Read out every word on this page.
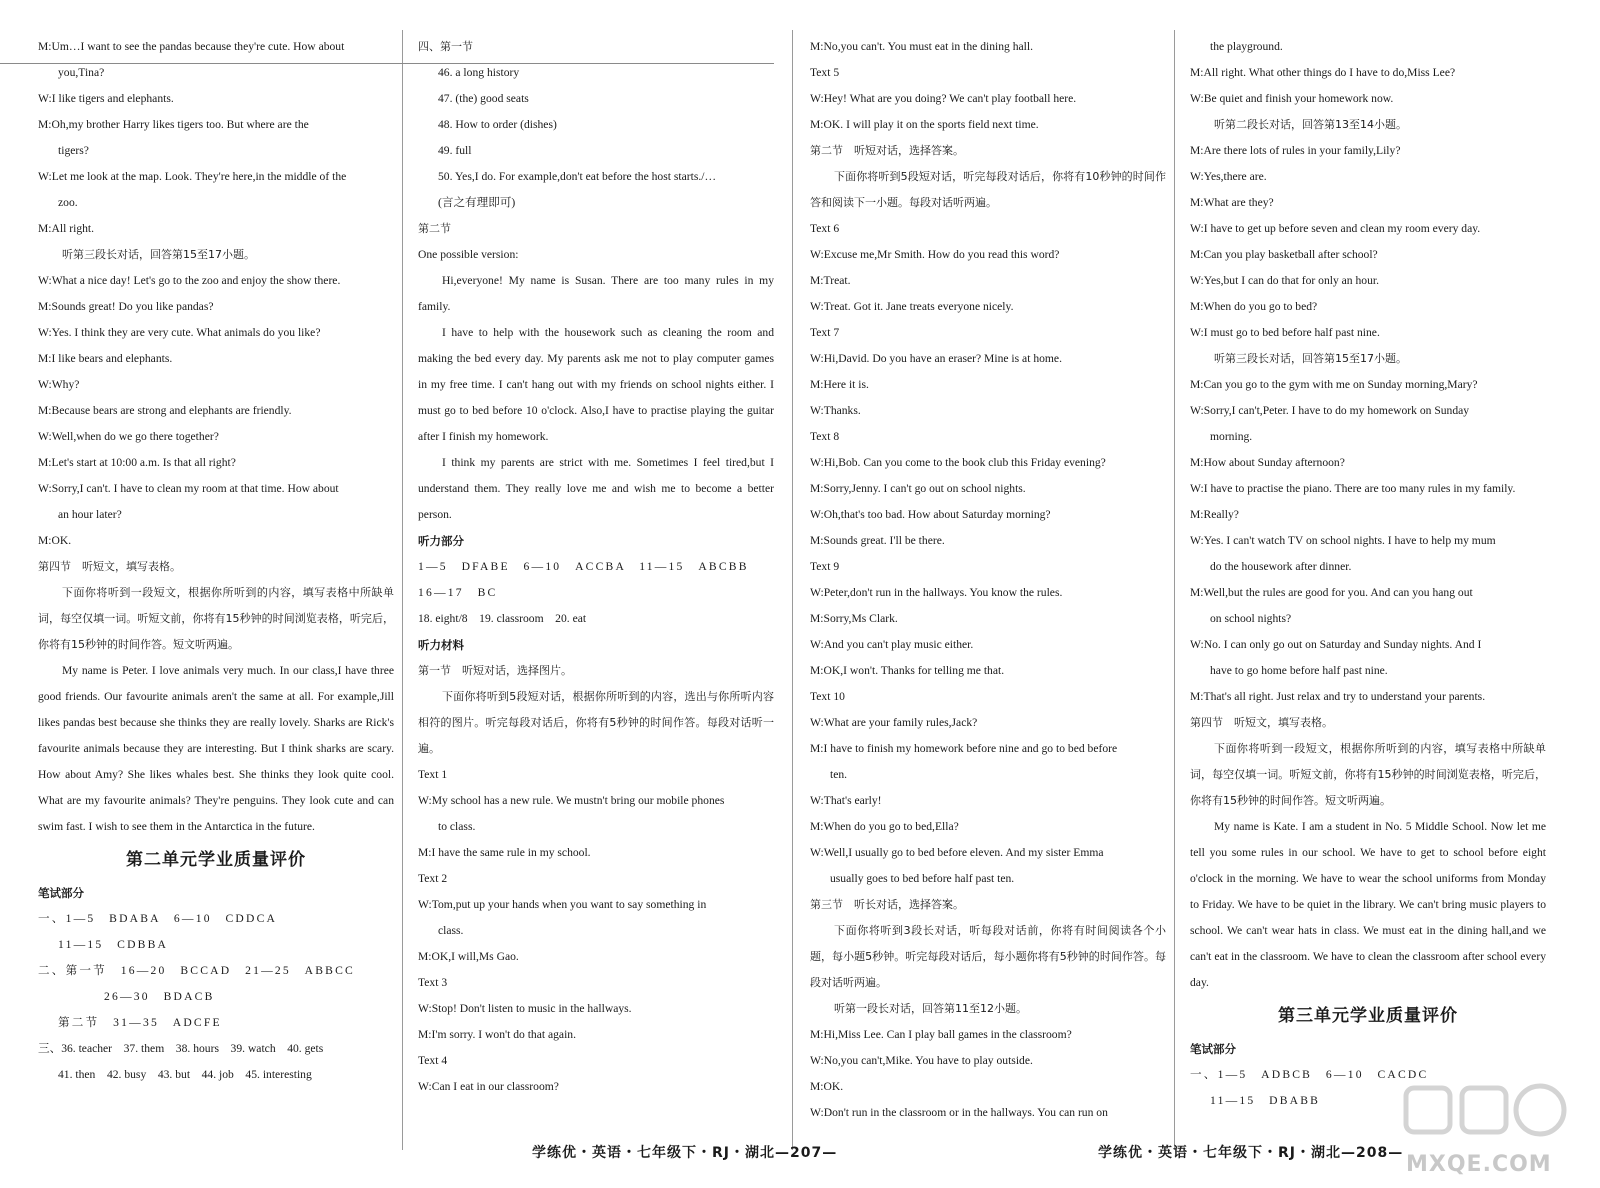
M:Um…I want to see the pandas because they're cute. How about
you,Tina?
W:I like tigers and elephants.
M:Oh,my brother Harry likes tigers too. But where are the
tigers?
W:Let me look at the map. Look. They're here,in the middle of the
zoo.
M:All right.
听第三段长对话，回答第15至17小题。
W:What a nice day! Let's go to the zoo and enjoy the show there.
M:Sounds great! Do you like pandas?
W:Yes. I think they are very cute. What animals do you like?
M:I like bears and elephants.
W:Why?
M:Because bears are strong and elephants are friendly.
W:Well,when do we go there together?
M:Let's start at 10:00 a.m. Is that all right?
W:Sorry,I can't. I have to clean my room at that time. How about
an hour later?
M:OK.
第四节　听短文，填写表格。
下面你将听到一段短文，根据你所听到的内容，填写表格中所缺单词，每空仅填一词。听短文前，你将有15秒钟的时间浏览表格，听完后，你将有15秒钟的时间作答。短文听两遍。
My name is Peter. I love animals very much. In our class,I have three good friends. Our favourite animals aren't the same at all. For example,Jill likes pandas best because she thinks they are really lovely. Sharks are Rick's favourite animals because they are interesting. But I think sharks are scary. How about Amy? She likes whales best. She thinks they look quite cool. What are my favourite animals? They're penguins. They look cute and can swim fast. I wish to see them in the Antarctica in the future.
第二单元学业质量评价
笔试部分
一、1—5　BDABA　6—10　CDDCA
11—15　CDBBA
二、第一节　16—20　BCCAD　21—25　ABBCC
26—30　BDACB
第二节　31—35　ADCFE
三、36. teacher　37. them　38. hours　39. watch　40. gets
41. then　42. busy　43. but　44. job　45. interesting
四、第一节
46. a long history
47. (the) good seats
48. How to order (dishes)
49. full
50. Yes,I do. For example,don't eat before the host starts./…
(言之有理即可)
第二节
One possible version:
Hi,everyone! My name is Susan. There are too many rules in my family.
I have to help with the housework such as cleaning the room and making the bed every day. My parents ask me not to play computer games in my free time. I can't hang out with my friends on school nights either. I must go to bed before 10 o'clock. Also,I have to practise playing the guitar after I finish my homework.
I think my parents are strict with me. Sometimes I feel tired,but I understand them. They really love me and wish me to become a better person.
听力部分
1—5　DFABE　6—10　ACCBA　11—15　ABCBB
16—17　BC
18. eight/8　19. classroom　20. eat
听力材料
第一节　听短对话，选择图片。
下面你将听到5段短对话，根据你所听到的内容，选出与你所听内容相符的图片。听完每段对话后，你将有5秒钟的时间作答。每段对话听一遍。
Text 1
W:My school has a new rule. We mustn't bring our mobile phones
to class.
M:I have the same rule in my school.
Text 2
W:Tom,put up your hands when you want to say something in
class.
M:OK,I will,Ms Gao.
Text 3
W:Stop! Don't listen to music in the hallways.
M:I'm sorry. I won't do that again.
Text 4
W:Can I eat in our classroom?
M:No,you can't. You must eat in the dining hall.
Text 5
W:Hey! What are you doing? We can't play football here.
M:OK. I will play it on the sports field next time.
第二节　听短对话，选择答案。
下面你将听到5段短对话，听完每段对话后，你将有10秒钟的时间作答和阅读下一小题。每段对话听两遍。
Text 6
W:Excuse me,Mr Smith. How do you read this word?
M:Treat.
W:Treat. Got it. Jane treats everyone nicely.
Text 7
W:Hi,David. Do you have an eraser? Mine is at home.
M:Here it is.
W:Thanks.
Text 8
W:Hi,Bob. Can you come to the book club this Friday evening?
M:Sorry,Jenny. I can't go out on school nights.
W:Oh,that's too bad. How about Saturday morning?
M:Sounds great. I'll be there.
Text 9
W:Peter,don't run in the hallways. You know the rules.
M:Sorry,Ms Clark.
W:And you can't play music either.
M:OK,I won't. Thanks for telling me that.
Text 10
W:What are your family rules,Jack?
M:I have to finish my homework before nine and go to bed before
ten.
W:That's early!
M:When do you go to bed,Ella?
W:Well,I usually go to bed before eleven. And my sister Emma
usually goes to bed before half past ten.
第三节　听长对话，选择答案。
下面你将听到3段长对话，听每段对话前，你将有时间阅读各个小题，每小题5秒钟。听完每段对话后，每小题你将有5秒钟的时间作答。每段对话听两遍。
听第一段长对话，回答第11至12小题。
M:Hi,Miss Lee. Can I play ball games in the classroom?
W:No,you can't,Mike. You have to play outside.
M:OK.
W:Don't run in the classroom or in the hallways. You can run on
the playground.
M:All right. What other things do I have to do,Miss Lee?
W:Be quiet and finish your homework now.
听第二段长对话，回答第13至14小题。
M:Are there lots of rules in your family,Lily?
W:Yes,there are.
M:What are they?
W:I have to get up before seven and clean my room every day.
M:Can you play basketball after school?
W:Yes,but I can do that for only an hour.
M:When do you go to bed?
W:I must go to bed before half past nine.
听第三段长对话，回答第15至17小题。
M:Can you go to the gym with me on Sunday morning,Mary?
W:Sorry,I can't,Peter. I have to do my homework on Sunday
morning.
M:How about Sunday afternoon?
W:I have to practise the piano. There are too many rules in my family.
M:Really?
W:Yes. I can't watch TV on school nights. I have to help my mum
do the housework after dinner.
M:Well,but the rules are good for you. And can you hang out
on school nights?
W:No. I can only go out on Saturday and Sunday nights. And I
have to go home before half past nine.
M:That's all right. Just relax and try to understand your parents.
第四节　听短文，填写表格。
下面你将听到一段短文，根据你所听到的内容，填写表格中所缺单词，每空仅填一词。听短文前，你将有15秒钟的时间浏览表格，听完后，你将有15秒钟的时间作答。短文听两遍。
My name is Kate. I am a student in No. 5 Middle School. Now let me tell you some rules in our school. We have to get to school before eight o'clock in the morning. We have to wear the school uniforms from Monday to Friday. We have to be quiet in the library. We can't bring music players to school. We can't wear hats in class. We must eat in the dining hall,and we can't eat in the classroom. We have to clean the classroom after school every day.
第三单元学业质量评价
笔试部分
一、1—5　ADBCB　6—10　CACDC
11—15　DBABB
学练优・英语・七年级下・RJ・湖北—207—	学练优・英语・七年级下・RJ・湖北—208— MXQE.COM
